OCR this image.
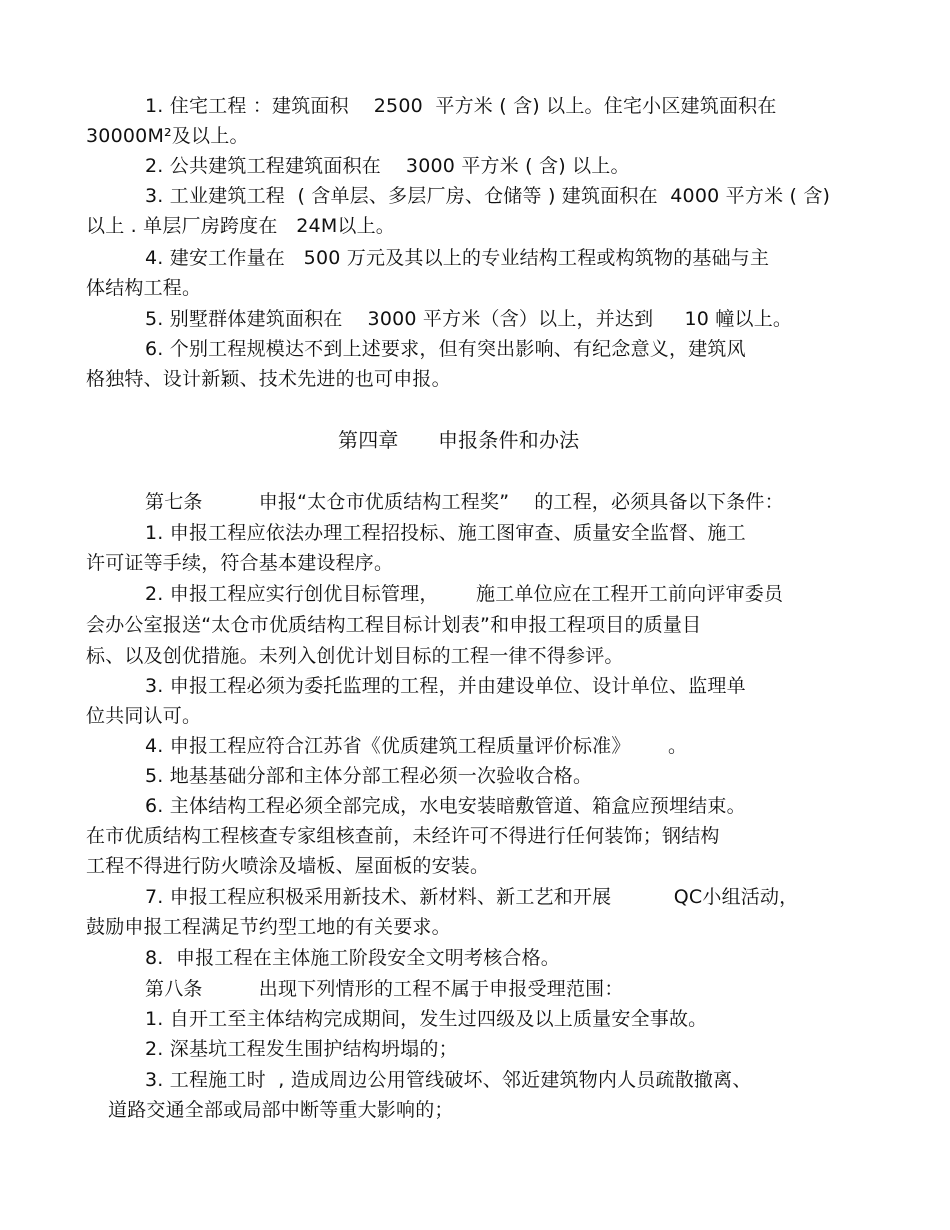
1. 住宅工程 ：建筑面积    2500  平方米 ( 含) 以上。住宅小区建筑面积在
30000M²及以上。
2. 公共建筑工程建筑面积在    3000 平方米 ( 含) 以上。
3. 工业建筑工程  ( 含单层、多层厂房、仓储等 ) 建筑面积在  4000 平方米 ( 含)
以上 . 单层厂房跨度在   24M以上。
4. 建安工作量在   500 万元及其以上的专业结构工程或构筑物的基础与主
体结构工程。
5. 别墅群体建筑面积在    3000 平方米（含）以上，并达到     10 幢以上。
6. 个别工程规模达不到上述要求，但有突出影响、有纪念意义，建筑风
格独特、设计新颖、技术先进的也可申报。
第四章      申报条件和办法
第七条         申报“太仓市优质结构工程奖”    的工程，必须具备以下条件：
1. 申报工程应依法办理工程招投标、施工图审查、质量安全监督、施工
许可证等手续，符合基本建设程序。
2. 申报工程应实行创优目标管理，      施工单位应在工程开工前向评审委员
会办公室报送“太仓市优质结构工程目标计划表”和申报工程项目的质量目
标、以及创优措施。未列入创优计划目标的工程一律不得参评。
3. 申报工程必须为委托监理的工程，并由建设单位、设计单位、监理单
位共同认可。
4. 申报工程应符合江苏省《优质建筑工程质量评价标准》      。
5. 地基基础分部和主体分部工程必须一次验收合格。
6. 主体结构工程必须全部完成，水电安装暗敷管道、箱盒应预埋结束。
在市优质结构工程核查专家组核查前，未经许可不得进行任何装饰；钢结构
工程不得进行防火喷涂及墙板、屋面板的安装。
7. 申报工程应积极采用新技术、新材料、新工艺和开展          QC小组活动，
鼓励申报工程满足节约型工地的有关要求。
8.  申报工程在主体施工阶段安全文明考核合格。
第八条         出现下列情形的工程不属于申报受理范围：
1. 自开工至主体结构完成期间，发生过四级及以上质量安全事故。
2. 深基坑工程发生围护结构坍塌的；
3. 工程施工时  , 造成周边公用管线破坏、邻近建筑物内人员疏散撤离、
道路交通全部或局部中断等重大影响的；
